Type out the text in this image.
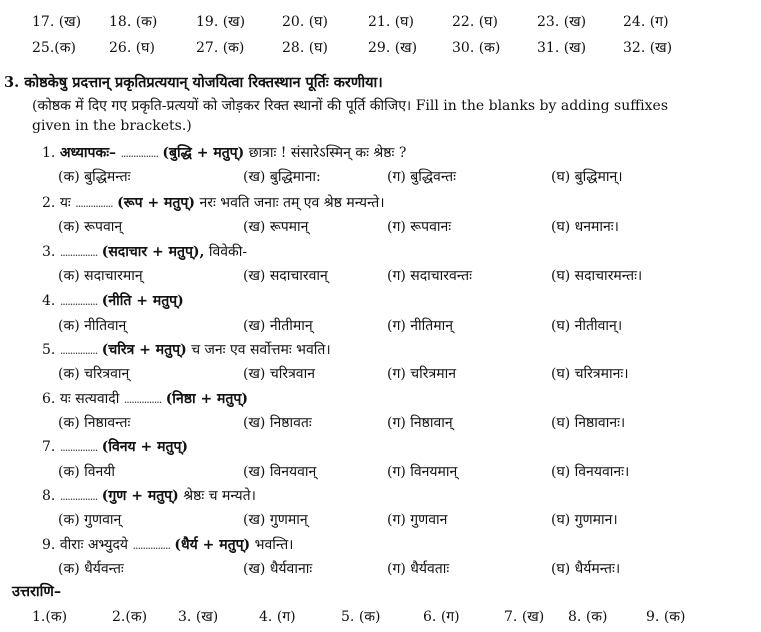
17. (ख) 18. (क)	19. (ख)	20. (घ)	21. (घ)	22. (घ)	23. (ख)	24. (ग)
25.(क) 26. (घ)	27. (क)	28. (घ)	29. (ख) 30. (क)	31. (ख)	32. (ख)
3. कोष्ठकेषु प्रदत्तान् प्रकृतिप्रत्ययान् योजयित्वा रिक्तस्थान पूर्तिः करणीया।
(कोष्ठक में दिए गए प्रकृति-प्रत्ययों को जोड़कर रिक्त स्थानों की पूर्ति कीजिए। Fill in the blanks by adding suffixes
given in the brackets.)
1. अध्यापकः– ............... (बुद्धि + मतुप्) छात्राः ! संसारेऽस्मिन् कः श्रेष्ठः ?
(क) बुद्धिमन्तः	(ख) बुद्धिमाना:	(ग) बुद्धिवन्तः	(घ) बुद्धिमान्।
2. यः ............... (रूप + मतुप्) नरः भवति जनाः तम् एव श्रेष्ठ मन्यन्ते।
(क) रूपवान्	(ख) रूपमान्	(ग) रूपवानः	(घ) धनमानः।
3. ............... (सदाचार + मतुप्), विवेकी-
(क) सदाचारमान्	(ख) सदाचारवान्	(ग) सदाचारवन्तः	(घ) सदाचारमन्तः।
4. ............... (नीति + मतुप्)
(क) नीतिवान्	(ख) नीतीमान्	(ग) नीतिमान्	(घ) नीतीवान्।
5. ............... (चरित्र + मतुप्) च जनः एव सर्वोत्तमः भवति।
(क) चरित्रवान्	(ख) चरित्रवान	(ग) चरित्रमान	(घ) चरित्रमानः।
6. यः सत्यवादी ............... (निष्ठा + मतुप्)
(क) निष्ठावन्तः	(ख) निष्ठावतः	(ग) निष्ठावान्	(घ) निष्ठावानः।
7. ............... (विनय + मतुप्)
(क) विनयी	(ख) विनयवान्	(ग) विनयमान्	(घ) विनयवानः।
8. ............... (गुण + मतुप्) श्रेष्ठः च मन्यते।
(क) गुणवान्	(ख) गुणमान्	(ग) गुणवान	(घ) गुणमान।
9. वीराः अभ्युदये ............... (धैर्य + मतुप्) भवन्ति।
(क) धैर्यवन्तः	(ख) धैर्यवानाः	(ग) धैर्यवताः	(घ) धैर्यमन्तः।
उत्तराणि–
1.(क)	2.(क) 3. (ख)	4. (ग)	5. (क)	6. (ग)	7. (ख) 8. (क)	9. (क)
